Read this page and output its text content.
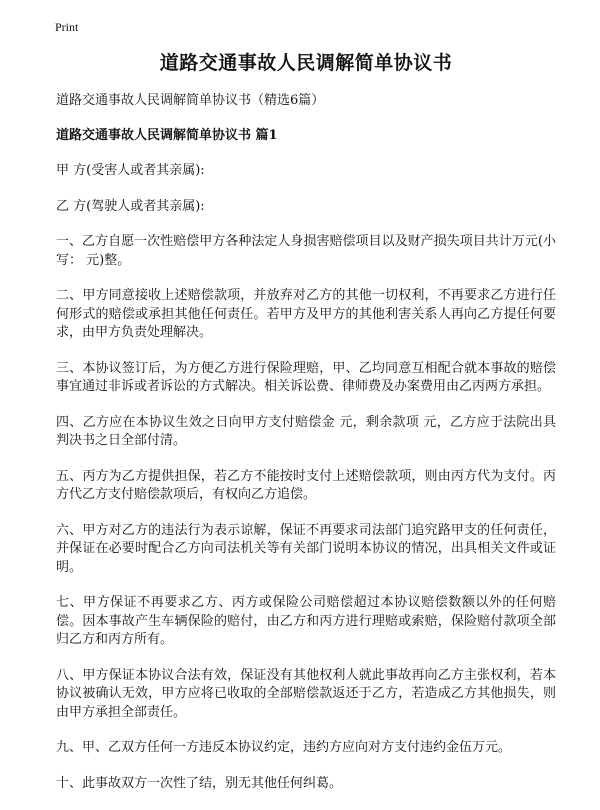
Print
道路交通事故人民调解简单协议书
道路交通事故人民调解简单协议书（精选6篇）
道路交通事故人民调解简单协议书 篇1
甲 方(受害人或者其亲属):
乙 方(驾驶人或者其亲属):
一、乙方自愿一次性赔偿甲方各种法定人身损害赔偿项目以及财产损失项目共计万元(小写： 元)整。
二、甲方同意接收上述赔偿款项，并放弃对乙方的其他一切权利，不再要求乙方进行任何形式的赔偿或承担其他任何责任。若甲方及甲方的其他利害关系人再向乙方提任何要求，由甲方负责处理解决。
三、本协议签订后，为方便乙方进行保险理赔，甲、乙均同意互相配合就本事故的赔偿事宜通过非诉或者诉讼的方式解决。相关诉讼费、律师费及办案费用由乙丙两方承担。
四、乙方应在本协议生效之日向甲方支付赔偿金 元，剩余款项 元，乙方应于法院出具判决书之日全部付清。
五、丙方为乙方提供担保，若乙方不能按时支付上述赔偿款项，则由丙方代为支付。丙方代乙方支付赔偿款项后，有权向乙方追偿。
六、甲方对乙方的违法行为表示谅解，保证不再要求司法部门追究路甲支的任何责任，并保证在必要时配合乙方向司法机关等有关部门说明本协议的情况，出具相关文件或证明。
七、甲方保证不再要求乙方、丙方或保险公司赔偿超过本协议赔偿数额以外的任何赔偿。因本事故产生车辆保险的赔付，由乙方和丙方进行理赔或索赔，保险赔付款项全部归乙方和丙方所有。
八、甲方保证本协议合法有效，保证没有其他权利人就此事故再向乙方主张权利，若本协议被确认无效，甲方应将已收取的全部赔偿款返还于乙方，若造成乙方其他损失，则由甲方承担全部责任。
九、甲、乙双方任何一方违反本协议约定，违约方应向对方支付违约金伍万元。
十、此事故双方一次性了结，别无其他任何纠葛。
